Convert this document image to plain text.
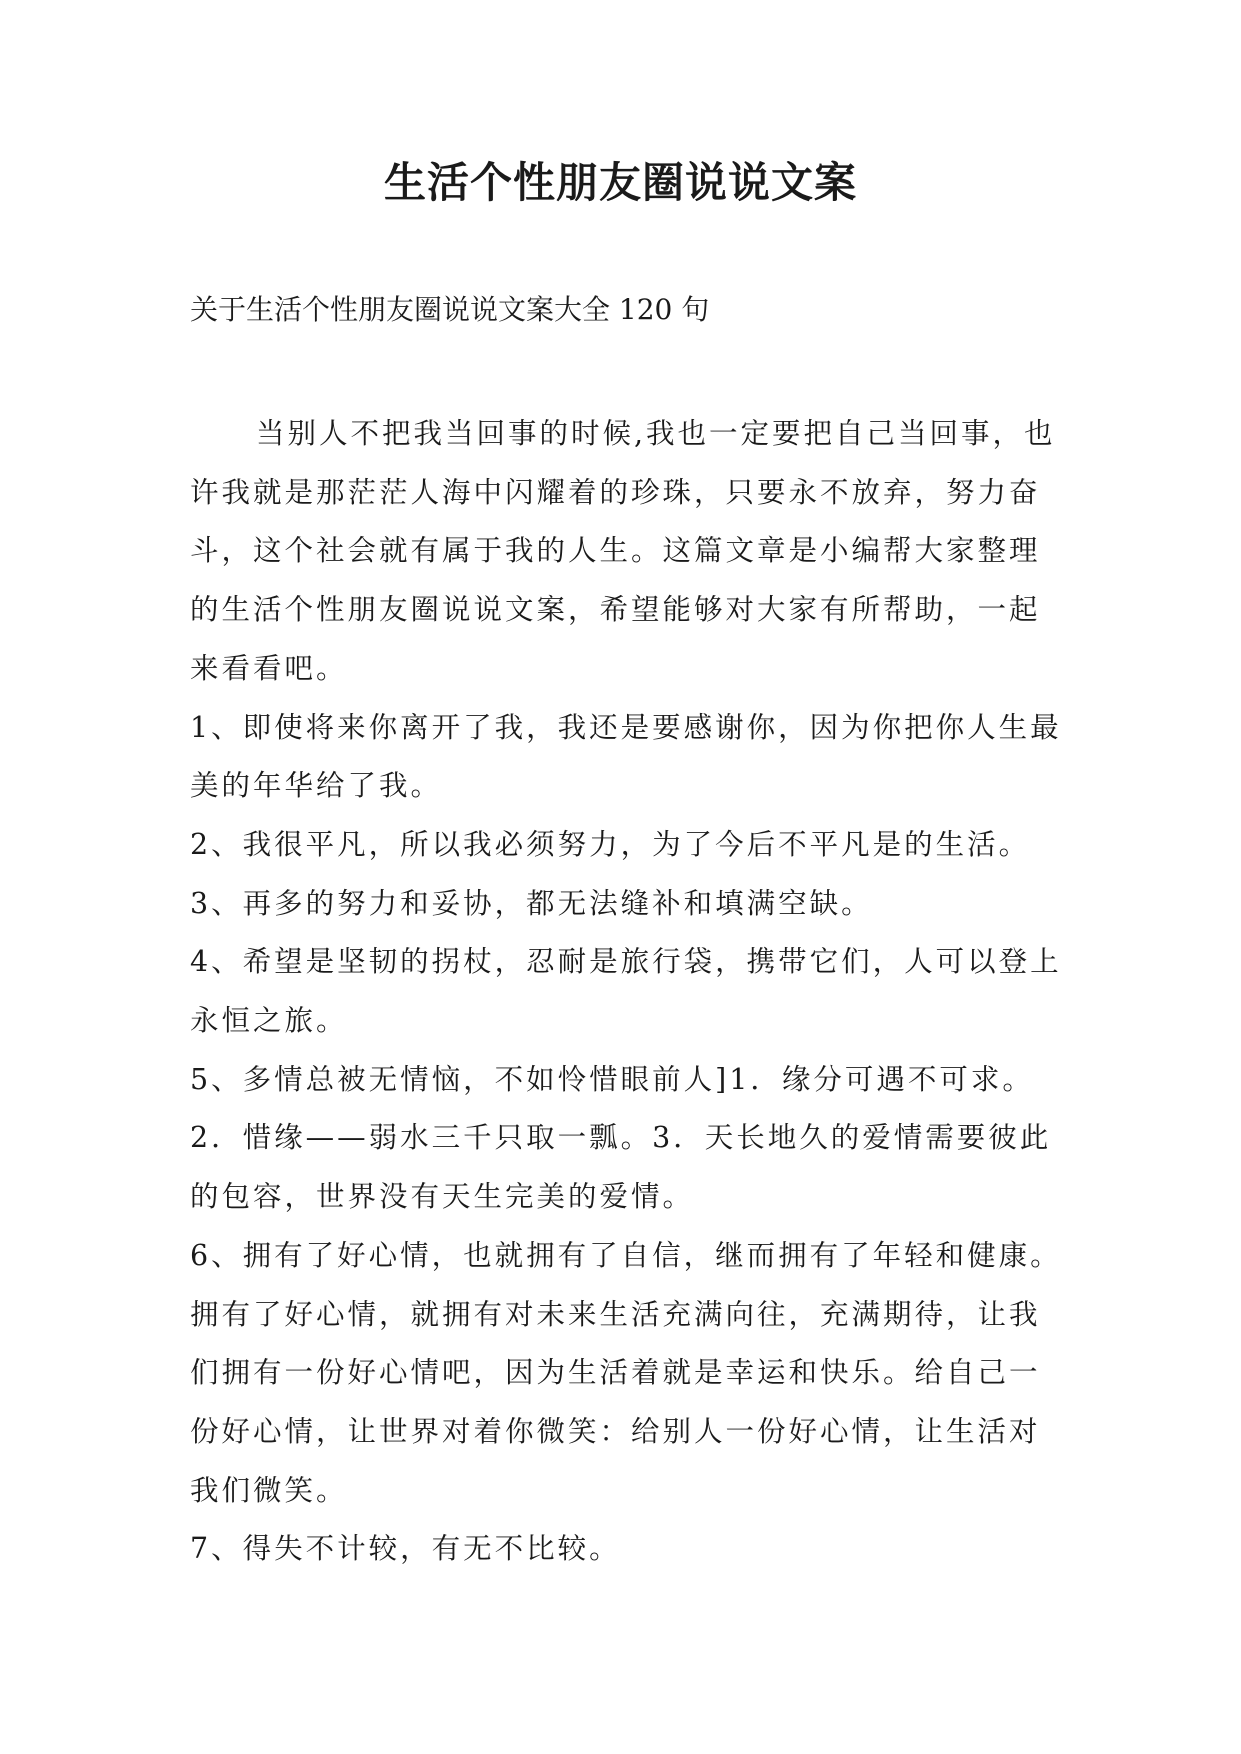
生活个性朋友圈说说文案

关于生活个性朋友圈说说文案大全 120 句

当别人不把我当回事的时候,我也一定要把自己当回事，也许我就是那茫茫人海中闪耀着的珍珠，只要永不放弃，努力奋斗，这个社会就有属于我的人生。这篇文章是小编帮大家整理的生活个性朋友圈说说文案，希望能够对大家有所帮助，一起来看看吧。

1、即使将来你离开了我，我还是要感谢你，因为你把你人生最美的年华给了我。

2、我很平凡，所以我必须努力，为了今后不平凡是的生活。

3、再多的努力和妥协，都无法缝补和填满空缺。

4、希望是坚韧的拐杖，忍耐是旅行袋，携带它们，人可以登上永恒之旅。

5、多情总被无情恼，不如怜惜眼前人]1．缘分可遇不可求。2．惜缘——弱水三千只取一瓢。3．天长地久的爱情需要彼此的包容，世界没有天生完美的爱情。

6、拥有了好心情，也就拥有了自信，继而拥有了年轻和健康。拥有了好心情，就拥有对未来生活充满向往，充满期待，让我们拥有一份好心情吧，因为生活着就是幸运和快乐。给自己一份好心情，让世界对着你微笑：给别人一份好心情，让生活对我们微笑。

7、得失不计较，有无不比较。
